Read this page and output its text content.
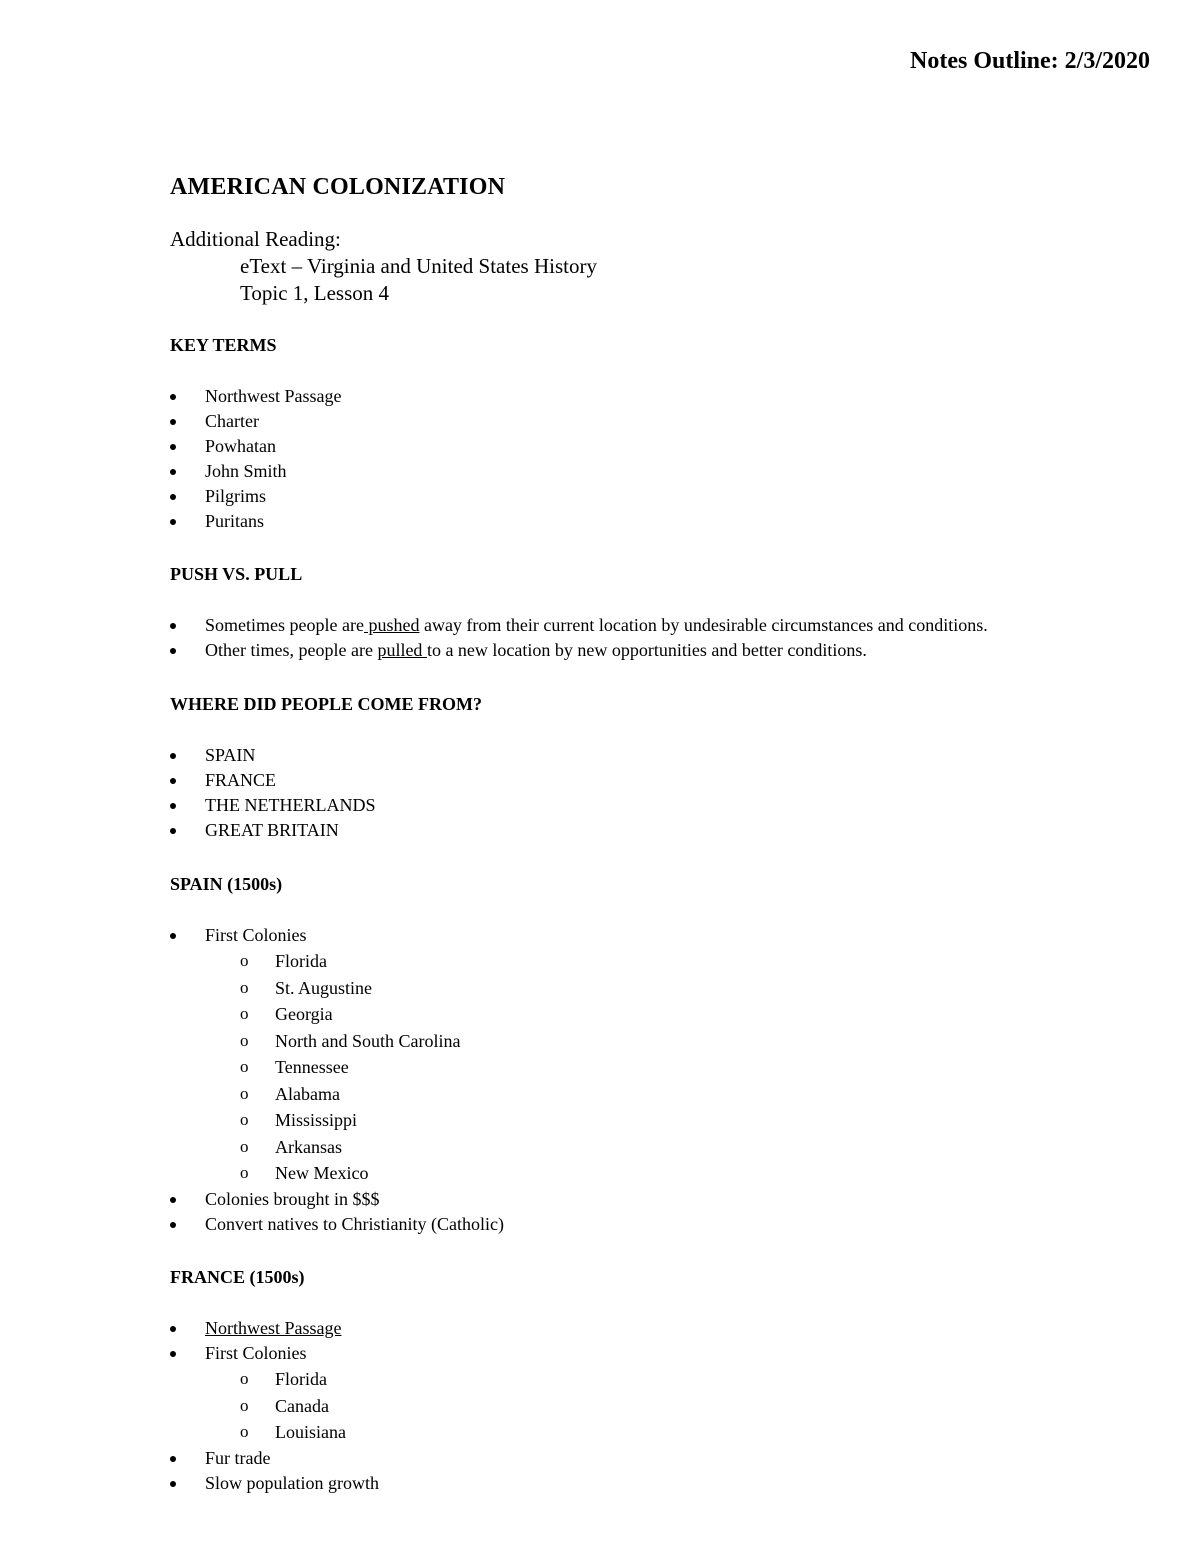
Notes Outline: 2/3/2020
AMERICAN COLONIZATION
Additional Reading:
eText – Virginia and United States History
Topic 1, Lesson 4
KEY TERMS
Northwest Passage
Charter
Powhatan
John Smith
Pilgrims
Puritans
PUSH VS. PULL
Sometimes people are pushed away from their current location by undesirable circumstances and conditions.
Other times, people are pulled to a new location by new opportunities and better conditions.
WHERE DID PEOPLE COME FROM?
SPAIN
FRANCE
THE NETHERLANDS
GREAT BRITAIN
SPAIN (1500s)
First Colonies
o Florida
o St. Augustine
o Georgia
o North and South Carolina
o Tennessee
o Alabama
o Mississippi
o Arkansas
o New Mexico
Colonies brought in $$$
Convert natives to Christianity (Catholic)
FRANCE (1500s)
Northwest Passage
First Colonies
o Florida
o Canada
o Louisiana
Fur trade
Slow population growth
